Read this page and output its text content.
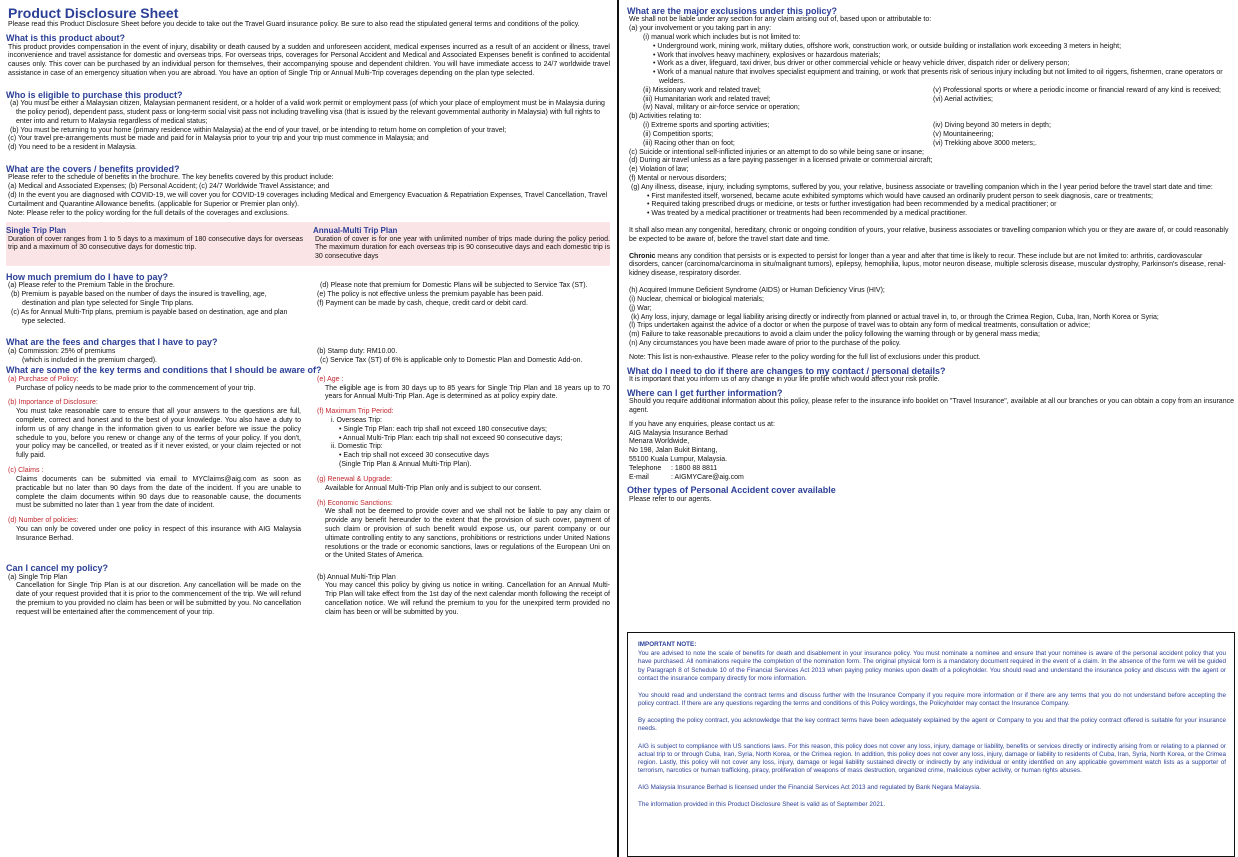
Product Disclosure Sheet

Please read this Product Disclosure Sheet before you decide to take out the Travel Guard insurance policy. Be sure to also read the stipulated general terms and conditions of the policy.

What is this product about?

This product provides compensation in the event of injury, disability or death caused by a sudden and unforeseen accident, medical expenses incurred as a result of an accident or illness, travel inconvenience and travel assistance for domestic and overseas trips. For overseas trips, coverages for Personal Accident and Medical and Associated Expenses benefit is confined to accidental causes only. This cover can be purchased by an individual person for themselves, their accompanying spouse and dependent children. You will have immediate access to 24/7 worldwide travel assistance in case of an emergency situation when you are abroad. You have an option of Single Trip or Annual Multi-Trip coverages depending on the plan type selected.

Who is eligible to purchase this product?

(a) You must be either a Malaysian citizen, Malaysian permanent resident, or a holder of a valid work permit or employment pass (of which your place of employment must be in Malaysia during the policy period), dependent pass, student pass or long-term social visit pass not including travelling visa (that is issued by the relevant governmental authority in Malaysia) with full rights to enter into and return to Malaysia regardless of medical status;

(b) You must be returning to your home (primary residence within Malaysia) at the end of your travel, or be intending to return home on completion of your travel;

(c) Your travel pre-arrangements must be made and paid for in Malaysia prior to your trip and your trip must commence in Malaysia; and

(d) You need to be a resident in Malaysia.

What are the covers / benefits provided?

Please refer to the schedule of benefits in the brochure. The key benefits covered by this product include:

(a) Medical and Associated Expenses; (b) Personal Accident; (c) 24/7 Worldwide Travel Assistance; and

(d) In the event you are diagnosed with COVID-19, we will cover you for COVID-19 coverages including Medical and Emergency Evacuation & Repatriation Expenses, Travel Cancellation, Travel Curtailment and Quarantine Allowance benefits. (applicable for Superior or Premier plan only).

Note: Please refer to the policy wording for the full details of the coverages and exclusions.

Single Trip Plan

Duration of cover ranges from 1 to 5 days to a maximum of 180 consecutive days for overseas trip and a maximum of 30 consecutive days for domestic trip.

Annual-Multi Trip Plan

Duration of cover is for one year with unlimited number of trips made during the policy period. The maximum duration for each overseas trip is 90 consecutive days and each domestic trip is 30 consecutive days

How much premium do I have to pay?

(a) Please refer to the Premium Table in the brochure.

(b) Premium is payable based on the number of days the insured is travelling, age, destination and plan type selected for Single Trip plans.

(c) As for Annual Multi-Trip plans, premium is payable based on destination, age and plan type selected.

(d) Please note that premium for Domestic Plans will be subjected to Service Tax (ST).

(e) The policy is not effective unless the premium payable has been paid.

(f) Payment can be made by cash, cheque, credit card or debit card.

What are the fees and charges that I have to pay?

(a) Commission: 25% of premiums

(which is included in the premium charged).

(b) Stamp duty: RM10.00.

(c) Service Tax (ST) of 6% is applicable only to Domestic Plan and Domestic Add-on.

What are some of the key terms and conditions that I should be aware of?

(a) Purchase of Policy:

Purchase of policy needs to be made prior to the commencement of your trip.

(b) Importance of Disclosure:

You must take reasonable care to ensure that all your answers to the questions are full, complete, correct and honest and to the best of your knowledge. You also have a duty to inform us of any change in the information given to us earlier before we issue the policy schedule to you, before you renew or change any of the terms of your policy. If you don't, your policy may be cancelled, or treated as if it never existed, or your claim rejected or not fully paid.

(c) Claims :

Claims documents can be submitted via email to MYClaims@aig.com as soon as practicable but no later than 90 days from the date of the incident. If you are unable to complete the claim documents within 90 days due to reasonable cause, the documents must be submitted no later than 1 year from the date of incident.

(d) Number of policies:

You can only be covered under one policy in respect of this insurance with AIG Malaysia Insurance Berhad.

(e) Age :

The eligible age is from 30 days up to 85 years for Single Trip Plan and 18 years up to 70 years for Annual Multi-Trip Plan. Age is determined as at policy expiry date.

(f) Maximum Trip Period:

i. Overseas Trip:

• Single Trip Plan: each trip shall not exceed 180 consecutive days;

• Annual Multi-Trip Plan: each trip shall not exceed 90 consecutive days;

ii. Domestic Trip:

• Each trip shall not exceed 30 consecutive days

(Single Trip Plan & Annual Multi-Trip Plan).

(g) Renewal & Upgrade:

Available for Annual Multi-Trip Plan only and is subject to our consent.

(h) Economic Sanctions:

We shall not be deemed to provide cover and we shall not be liable to pay any claim or provide any benefit hereunder to the extent that the provision of such cover, payment of such claim or provision of such benefit would expose us, our parent company or our ultimate controlling entity to any sanctions, prohibitions or restrictions under United Nations resolutions or the trade or economic sanctions, laws or regulations of the European Uni on or the United States of America.

Can I cancel my policy?

(a) Single Trip Plan

Cancellation for Single Trip Plan is at our discretion. Any cancellation will be made on the date of your request provided that it is prior to the commencement of the trip. We will refund the premium to you provided no claim has been or will be submitted by you. No cancellation request will be entertained after the commencement of your trip.

(b) Annual Multi-Trip Plan

You may cancel this policy by giving us notice in writing. Cancellation for an Annual Multi-Trip Plan will take effect from the 1st day of the next calendar month following the receipt of cancellation notice. We will refund the premium to you for the unexpired term provided no claim has been or will be submitted by you.

What are the major exclusions under this policy?

We shall not be liable under any section for any claim arising out of, based upon or attributable to:

(a) your involvement or you taking part in any:

(i) manual work which includes but is not limited to:

• Underground work, mining work, military duties, offshore work, construction work, or outside building or installation work exceeding 3 meters in height;

• Work that involves heavy machinery, explosives or hazardous materials;

• Work as a diver, lifeguard, taxi driver, bus driver or other commercial vehicle or heavy vehicle driver, dispatch rider or delivery person;

• Work of a manual nature that involves specialist equipment and training, or work that presents risk of serious injury including but not limited to oil riggers, fishermen, crane operators or welders.

(ii) Missionary work and related travel;

(iii) Humanitarian work and related travel;

(iv) Naval, military or air-force service or operation;

(v) Professional sports or where a periodic income or financial reward of any kind is received;

(vi) Aerial activities;

(b) Activities relating to:

(i) Extreme sports and sporting activities;

(ii) Competition sports;

(iii) Racing other than on foot;

(iv) Diving beyond 30 meters in depth;

(v) Mountaineering;

(vi) Trekking above 3000 meters;.

(c) Suicide or intentional self-inflicted injuries or an attempt to do so while being sane or insane;

(d) During air travel unless as a fare paying passenger in a licensed private or commercial aircraft;

(e) Violation of law;

(f) Mental or nervous disorders;

(g) Any illness, disease, injury, including symptoms, suffered by you, your relative, business associate or travelling companion which in the l year period before the travel start date and time:

• First manifested itself, worsened, became acute exhibited symptoms which would have caused an ordinarily prudent person to seek diagnosis, care or treatments;

• Required taking prescribed drugs or medicine, or tests or further investigation had been recommended by a medical practitioner; or

• Was treated by a medical practitioner or treatments had been recommended by a medical practitioner.

It shall also mean any congenital, hereditary, chronic or ongoing condition of yours, your relative, business associates or travelling companion which you or they are aware of, or could reasonably be expected to be aware of, before the travel start date and time.

Chronic means any condition that persists or is expected to persist for longer than a year and after that time is likely to recur. These include but are not limited to: arthritis, cardiovascular disorders, cancer (carcinoma/carcinoma in situ/malignant tumors), epilepsy, hemophilia, lupus, motor neuron disease, multiple sclerosis disease, muscular dystrophy, Parkinson's disease, renal-kidney disease, respiratory disorder.

(h) Acquired Immune Deficient Syndrome (AIDS) or Human Deficiency Virus (HIV);

(i) Nuclear, chemical or biological materials;

(j) War;

(k) Any loss, injury, damage or legal liability arising directly or indirectly from planned or actual travel in, to, or through the Crimea Region, Cuba, Iran, North Korea or Syria;

(l) Trips undertaken against the advice of a doctor or when the purpose of travel was to obtain any form of medical treatments, consultation or advice;

(m) Failure to take reasonable precautions to avoid a claim under the policy following the warning through or by general mass media;

(n) Any circumstances you have been made aware of prior to the purchase of the policy.

Note: This list is non-exhaustive. Please refer to the policy wording for the full list of exclusions under this product.

What do I need to do if there are changes to my contact / personal details?

It is important that you inform us of any change in your life profile which would affect your risk profile.

Where can I get further information?

Should you require additional information about this policy, please refer to the insurance info booklet on "Travel Insurance", available at all our branches or you can obtain a copy from an insurance agent.

If you have any enquiries, please contact us at:

AIG Malaysia Insurance Berhad

Menara Worldwide,

No 198, Jalan Bukit Bintang,

55100 Kuala Lumpur, Malaysia.

Telephone : 1800 88 8811

E-mail	: AIGMYCare@aig.com

Other types of Personal Accident cover available

Please refer to our agents.

IMPORTANT NOTE:

You are advised to note the scale of benefits for death and disablement in your insurance policy. You must nominate a nominee and ensure that your nominee is aware of the personal accident policy that you have purchased. All nominations require the completion of the nomination form. The original physical form is a mandatory document required in the event of a claim. In the absence of the form we will be guided by Paragraph 8 of Schedule 10 of the Financial Services Act 2013 when paying policy monies upon death of a policyholder. You should read and understand the insurance policy and discuss with the agent or contact the insurance company directly for more information.

You should read and understand the contract terms and discuss further with the Insurance Company if you require more information or if there are any terms that you do not understand before accepting the policy contract. If there are any questions regarding the terms and conditions of this Policy wordings, the Policyholder may contact the Insurance Company.

By accepting the policy contract, you acknowledge that the key contract terms have been adequately explained by the agent or Company to you and that the policy contract offered is suitable for your insurance needs.

AIG is subject to compliance with US sanctions laws. For this reason, this policy does not cover any loss, injury, damage or liability, benefits or services directly or indirectly arising from or relating to a planned or actual trip to or through Cuba, Iran, Syria, North Korea, or the Crimea region. In addition, this policy does not cover any loss, injury, damage or liability to residents of Cuba, Iran, Syria, North Korea, or the Crimea region. Lastly, this policy will not cover any loss, injury, damage or legal liability sustained directly or indirectly by any individual or entity identified on any applicable government watch lists as a supporter of terrorism, narcotics or human trafficking, piracy, proliferation of weapons of mass destruction, organized crime, malicious cyber activity, or human rights abuses.

AIG Malaysia Insurance Berhad is licensed under the Financial Services Act 2013 and regulated by Bank Negara Malaysia.

The information provided in this Product Disclosure Sheet is valid as of September 2021.
